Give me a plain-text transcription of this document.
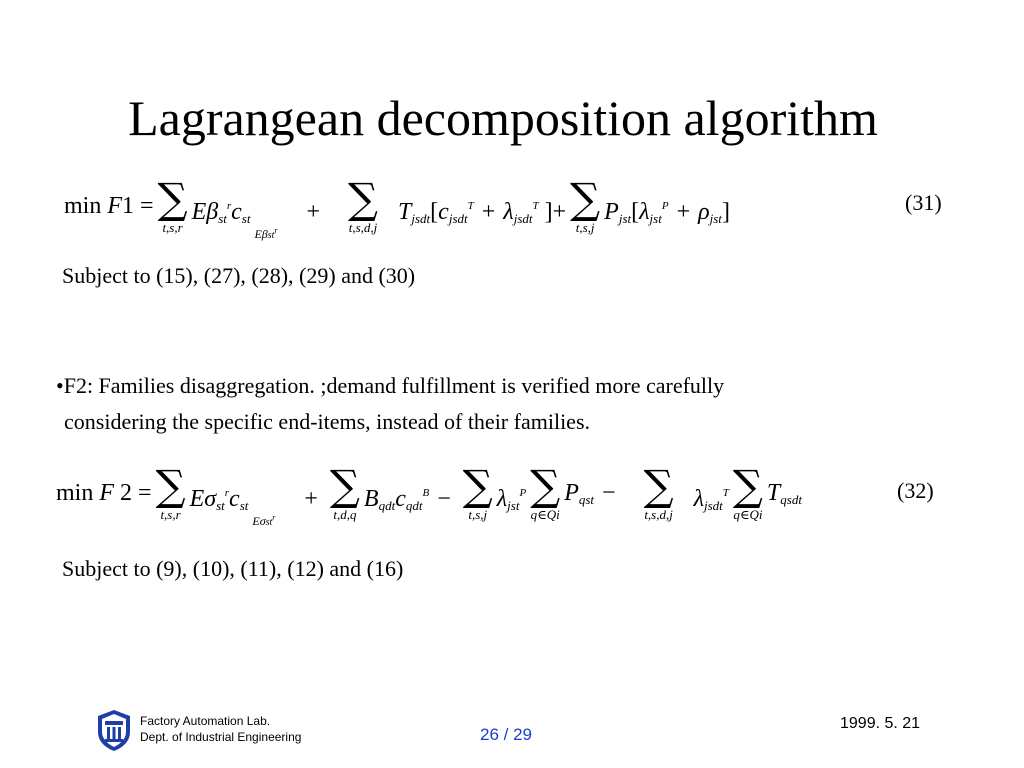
Lagrangean decomposition algorithm
min F1 = ∑
t,s,r
$E\beta_{st}^rc_{st}$
Eβst$^r$
+ ∑
t,s,d,j
$T_{jsdt}[c_{jsdt}^T + \lambda_{jsdt}^T$ ]+ ∑
t,s,j
$P_{jst}[\lambda_{jst}^P + \rho_{jst}]$	(31)
Subject to (15), (27), (28), (29) and (30)
•F2: Families disaggregation. ;demand fulfillment is verified more carefully
considering the specific end-items, instead of their families.
min F 2 = ∑
t,s,r
$E\sigma_{st}^rc_{st}$
Eσst$^r$
+ ∑
t,d,q
$B_{qdt}c_{qdt}^B$ − ∑
t,s,j
$\lambda_{jst}^P$ ∑
q∈Qi
$P_{qst}$ − ∑
t,s,d,j
$\lambda_{jsdt}^T$ ∑
q∈Qi
$T_{qsdt}$	(32)
Subject to (9), (10), (11), (12) and (16)
Factory Automation Lab.
Dept. of Industrial Engineering	26 / 29
1999. 5. 21
